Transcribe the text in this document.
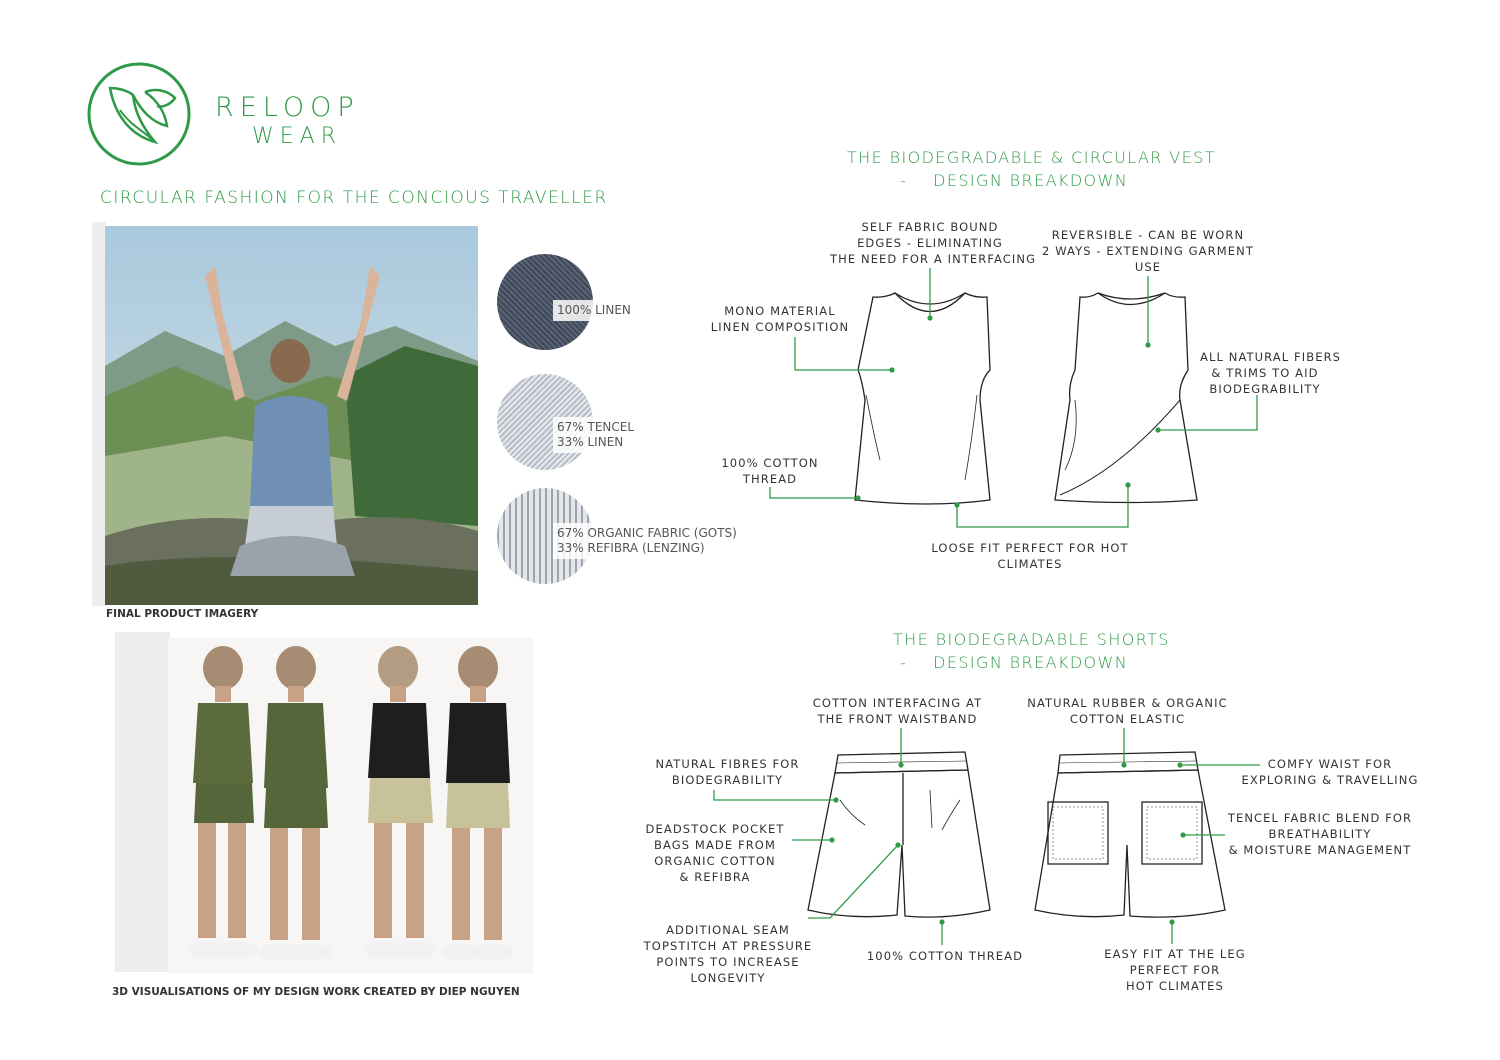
RELOOP
WEAR
CIRCULAR FASHION FOR THE CONCIOUS TRAVELLER
FINAL PRODUCT IMAGERY
100% LINEN
67% TENCEL
33% LINEN
67% ORGANIC FABRIC (GOTS)
33% REFIBRA (LENZING)
3D VISUALISATIONS OF MY DESIGN WORK CREATED BY DIEP NGUYEN
THE BIODEGRADABLE & CIRCULAR VEST
-    DESIGN BREAKDOWN
SELF FABRIC BOUND
EDGES - ELIMINATING
THE NEED FOR A INTERFACING
REVERSIBLE - CAN BE WORN
2 WAYS - EXTENDING GARMENT
USE
MONO MATERIAL
LINEN COMPOSITION
ALL NATURAL FIBERS
& TRIMS TO AID
BIODEGRABILITY
100% COTTON
THREAD
LOOSE FIT PERFECT FOR HOT
CLIMATES
THE BIODEGRADABLE SHORTS
-    DESIGN BREAKDOWN
COTTON INTERFACING AT
THE FRONT WAISTBAND
NATURAL RUBBER & ORGANIC
COTTON ELASTIC
NATURAL FIBRES FOR
BIODEGRABILITY
COMFY WAIST FOR
EXPLORING & TRAVELLING
DEADSTOCK POCKET
BAGS MADE FROM
ORGANIC COTTON
& REFIBRA
TENCEL FABRIC BLEND FOR
BREATHABILITY
& MOISTURE MANAGEMENT
ADDITIONAL SEAM
TOPSTITCH AT PRESSURE
POINTS TO INCREASE
LONGEVITY
100% COTTON THREAD	EASY FIT AT THE LEG
PERFECT FOR
HOT CLIMATES
